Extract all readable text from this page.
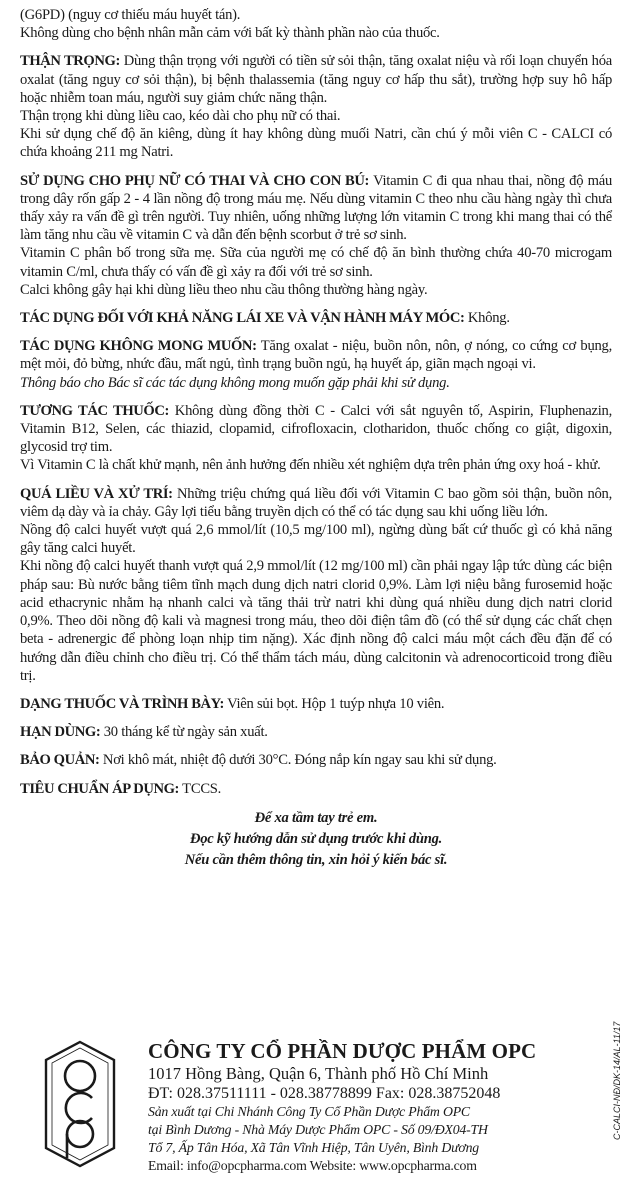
(G6PD) (nguy cơ thiếu máu huyết tán).

Không dùng cho bệnh nhân mẫn cảm với bất kỳ thành phần nào của thuốc.

THẬN TRỌNG: Dùng thận trọng với người có tiền sử sỏi thận, tăng oxalat niệu và rối loạn chuyển hóa oxalat (tăng nguy cơ sỏi thận), bị bệnh thalassemia (tăng nguy cơ hấp thu sắt), trường hợp suy hô hấp hoặc nhiễm toan máu, người suy giảm chức năng thận.

Thận trọng khi dùng liều cao, kéo dài cho phụ nữ có thai.

Khi sử dụng chế độ ăn kiêng, dùng ít hay không dùng muối Natri, cần chú ý mỗi viên C - CALCI có chứa khoảng 211 mg Natri.

SỬ DỤNG CHO PHỤ NỮ CÓ THAI VÀ CHO CON BÚ: Vitamin C đi qua nhau thai, nồng độ máu trong dây rốn gấp 2 - 4 lần nồng độ trong máu mẹ. Nếu dùng vitamin C theo nhu cầu hàng ngày thì chưa thấy xảy ra vấn đề gì trên người. Tuy nhiên, uống những lượng lớn vitamin C trong khi mang thai có thể làm tăng nhu cầu về vitamin C và dẫn đến bệnh scorbut ở trẻ sơ sinh.

Vitamin C phân bố trong sữa mẹ. Sữa của người mẹ có chế độ ăn bình thường chứa 40-70 microgam vitamin C/ml, chưa thấy có vấn đề gì xảy ra đối với trẻ sơ sinh.

Calci không gây hại khi dùng liều theo nhu cầu thông thường hàng ngày.

TÁC DỤNG ĐỐI VỚI KHẢ NĂNG LÁI XE VÀ VẬN HÀNH MÁY MÓC: Không.

TÁC DỤNG KHÔNG MONG MUỐN: Tăng oxalat - niệu, buồn nôn, nôn, ợ nóng, co cứng cơ bụng, mệt mỏi, đỏ bừng, nhức đầu, mất ngủ, tình trạng buồn ngủ, hạ huyết áp, giãn mạch ngoại vi.

Thông báo cho Bác sĩ các tác dụng không mong muốn gặp phải khi sử dụng.

TƯƠNG TÁC THUỐC: Không dùng đồng thời C - Calci với sắt nguyên tố, Aspirin, Fluphenazin, Vitamin B12, Selen, các thiazid, clopamid, cifrofloxacin, clotharidon, thuốc chống co giật, digoxin, glycosid trợ tim.

Vì Vitamin C là chất khử mạnh, nên ảnh hưởng đến nhiều xét nghiệm dựa trên phản ứng oxy hoá - khử.

QUÁ LIỀU VÀ XỬ TRÍ: Những triệu chứng quá liều đối với Vitamin C bao gồm sỏi thận, buồn nôn, viêm dạ dày và ỉa chảy. Gây lợi tiểu bằng truyền dịch có thể có tác dụng sau khi uống liều lớn.

Nồng độ calci huyết vượt quá 2,6 mmol/lít (10,5 mg/100 ml), ngừng dùng bất cứ thuốc gì có khả năng gây tăng calci huyết.

Khi nồng độ calci huyết thanh vượt quá 2,9 mmol/lít (12 mg/100 ml) cần phải ngay lập tức dùng các biện pháp sau: Bù nước bằng tiêm tĩnh mạch dung dịch natri clorid 0,9%. Làm lợi niệu bằng furosemid hoặc acid ethacrynic nhằm hạ nhanh calci và tăng thải trừ natri khi dùng quá nhiều dung dịch natri clorid 0,9%. Theo dõi nồng độ kali và magnesi trong máu, theo dõi điện tâm đồ (có thể sử dụng các chất chẹn beta - adrenergic để phòng loạn nhịp tim nặng). Xác định nồng độ calci máu một cách đều đặn để có hướng dẫn điều chỉnh cho điều trị. Có thể thẩm tách máu, dùng calcitonin và adrenocorticoid trong điều trị.

DẠNG THUỐC VÀ TRÌNH BÀY: Viên sủi bọt. Hộp 1 tuýp nhựa 10 viên.

HẠN DÙNG: 30 tháng kể từ ngày sản xuất.

BẢO QUẢN: Nơi khô mát, nhiệt độ dưới 30°C. Đóng nắp kín ngay sau khi sử dụng.

TIÊU CHUẨN ÁP DỤNG: TCCS.

Để xa tầm tay trẻ em.
Đọc kỹ hướng dẫn sử dụng trước khi dùng.
Nếu cần thêm thông tin, xin hỏi ý kiến bác sĩ.
CÔNG TY CỔ PHẦN DƯỢC PHẨM OPC
1017 Hồng Bàng, Quận 6, Thành phố Hồ Chí Minh
ĐT: 028.37511111 - 028.38778899 Fax: 028.38752048
Sản xuất tại Chi Nhánh Công Ty Cổ Phần Dược Phẩm OPC
tại Bình Dương - Nhà Máy Dược Phẩm OPC - Số 09/ĐX04-TH
Tổ 7, Ấp Tân Hóa, Xã Tân Vĩnh Hiệp, Tân Uyên, Bình Dương
Email: info@opcpharma.com Website: www.opcpharma.com
C-CALCI-NĐ/DK-14/AL-11/17
